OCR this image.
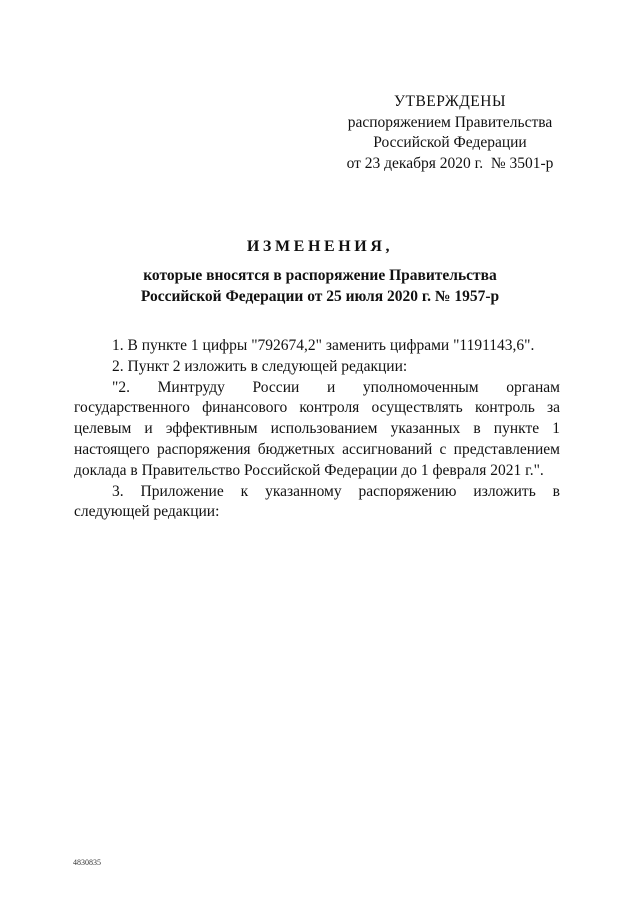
УТВЕРЖДЕНЫ
распоряжением Правительства
Российской Федерации
от 23 декабря 2020 г.  № 3501-р
ИЗМЕНЕНИЯ,
которые вносятся в распоряжение Правительства
Российской Федерации от 25 июля 2020 г. № 1957-р

1. В пункте 1 цифры "792674,2" заменить цифрами "1191143,6".

2. Пункт 2 изложить в следующей редакции:

"2. Минтруду России и уполномоченным органам государственного финансового контроля осуществлять контроль за целевым и эффективным использованием указанных в пункте 1 настоящего распоряжения бюджетных ассигнований с представлением доклада в Правительство Российской Федерации до 1 февраля 2021 г.".

3. Приложение к указанному распоряжению изложить в следующей редакции:

4830835
